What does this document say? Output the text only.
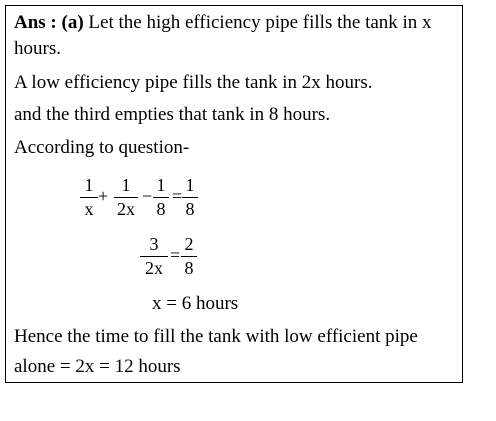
Ans : (a) Let the high efficiency pipe fills the tank in x
hours.
A low efficiency pipe fills the tank in 2x hours.
and the third empties that tank in 8 hours.
According to question-
1
x
+
1
2x
−
1
8
=
1
8
3
2x
=
2
8
x = 6 hours
Hence the time to fill the tank with low efficient pipe
alone = 2x = 12 hours
